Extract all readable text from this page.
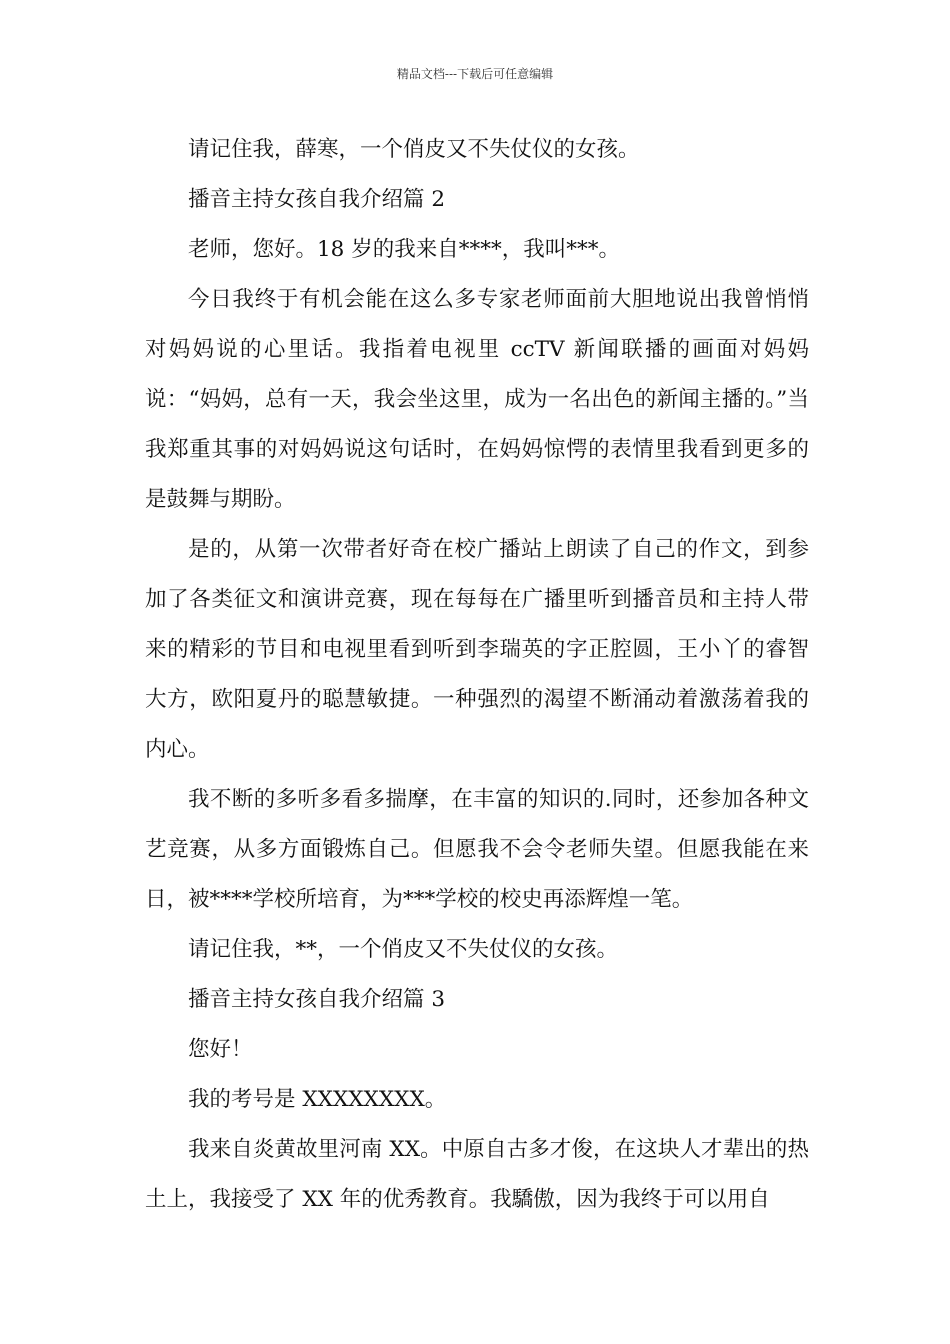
精品文档---下载后可任意编辑

请记住我，薛寒，一个俏皮又不失仗仪的女孩。

播音主持女孩自我介绍篇 2

老师，您好。18 岁的我来自****，我叫***。

今日我终于有机会能在这么多专家老师面前大胆地说出我曾悄悄对妈妈说的心里话。我指着电视里 ccTV 新闻联播的画面对妈妈说：“妈妈，总有一天，我会坐这里，成为一名出色的新闻主播的。”当我郑重其事的对妈妈说这句话时，在妈妈惊愕的表情里我看到更多的是鼓舞与期盼。

是的，从第一次带者好奇在校广播站上朗读了自己的作文，到参加了各类征文和演讲竞赛，现在每每在广播里听到播音员和主持人带来的精彩的节目和电视里看到听到李瑞英的字正腔圆，王小丫的睿智大方，欧阳夏丹的聪慧敏捷。一种强烈的渴望不断涌动着激荡着我的内心。

我不断的多听多看多揣摩，在丰富的知识的.同时，还参加各种文艺竞赛，从多方面锻炼自己。但愿我不会令老师失望。但愿我能在来日，被****学校所培育，为***学校的校史再添辉煌一笔。

请记住我，**，一个俏皮又不失仗仪的女孩。

播音主持女孩自我介绍篇 3

您好！

我的考号是 XXXXXXXX。

我来自炎黄故里河南 XX。中原自古多才俊，在这块人才辈出的热土上，我接受了 XX 年的优秀教育。我驕傲，因为我终于可以用自
